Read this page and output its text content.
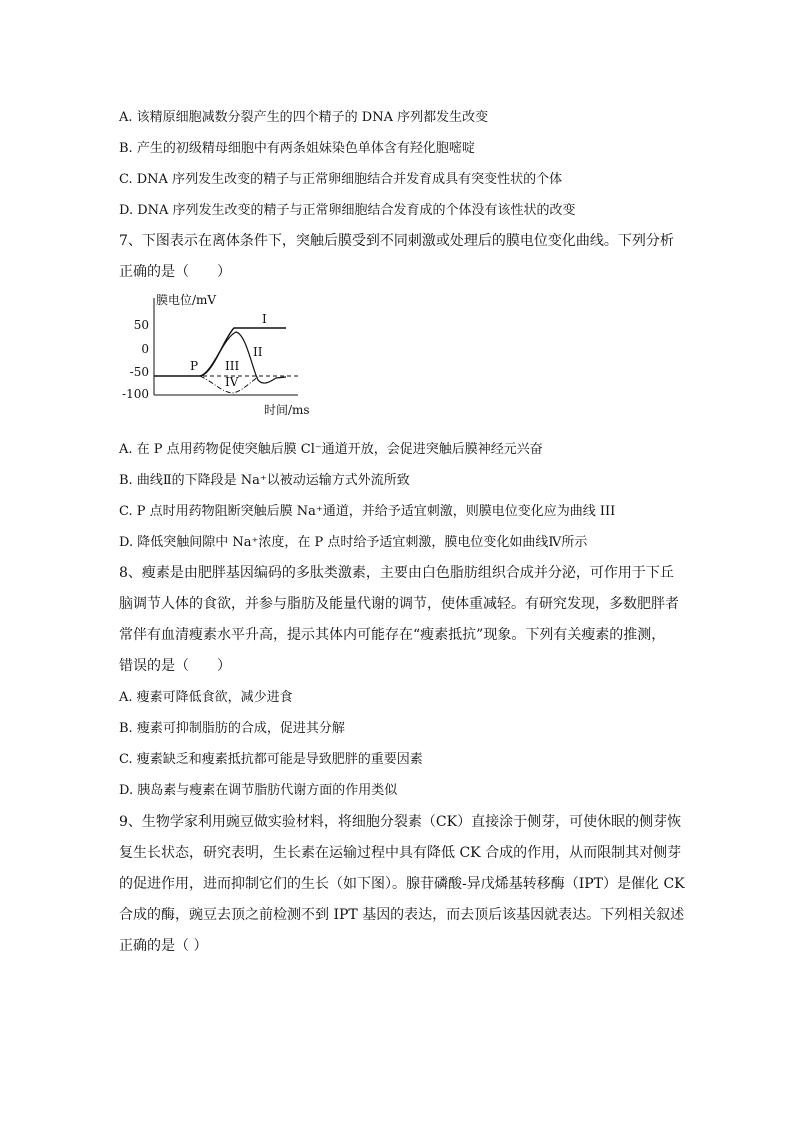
A. 该精原细胞减数分裂产生的四个精子的 DNA 序列都发生改变
B. 产生的初级精母细胞中有两条姐妹染色单体含有羟化胞嘧啶
C. DNA 序列发生改变的精子与正常卵细胞结合并发育成具有突变性状的个体
D. DNA 序列发生改变的精子与正常卵细胞结合发育成的个体没有该性状的改变
7、下图表示在离体条件下，突触后膜受到不同刺激或处理后的膜电位变化曲线。下列分析
正确的是（　　）
膜电位/mV
50
0
-50
-100
I
II
III
IV
P
时间/ms
A. 在 P 点用药物促使突触后膜 Cl⁻通道开放，会促进突触后膜神经元兴奋
B. 曲线Ⅱ的下降段是 Na⁺以被动运输方式外流所致
C. P 点时用药物阻断突触后膜 Na⁺通道，并给予适宜刺激，则膜电位变化应为曲线 III
D. 降低突触间隙中 Na⁺浓度，在 P 点时给予适宜刺激，膜电位变化如曲线Ⅳ所示
8、瘦素是由肥胖基因编码的多肽类激素，主要由白色脂肪组织合成并分泌，可作用于下丘
脑调节人体的食欲，并参与脂肪及能量代谢的调节，使体重减轻。有研究发现，多数肥胖者
常伴有血清瘦素水平升高，提示其体内可能存在“瘦素抵抗”现象。下列有关瘦素的推测，
错误的是（　　）
A. 瘦素可降低食欲，减少进食
B. 瘦素可抑制脂肪的合成，促进其分解
C. 瘦素缺乏和瘦素抵抗都可能是导致肥胖的重要因素
D. 胰岛素与瘦素在调节脂肪代谢方面的作用类似
9、生物学家利用豌豆做实验材料，将细胞分裂素（CK）直接涂于侧芽，可使休眠的侧芽恢
复生长状态，研究表明，生长素在运输过程中具有降低 CK 合成的作用，从而限制其对侧芽
的促进作用，进而抑制它们的生长（如下图）。腺苷磷酸-异戊烯基转移酶（IPT）是催化 CK
合成的酶，豌豆去顶之前检测不到 IPT 基因的表达，而去顶后该基因就表达。下列相关叙述
正确的是（ ）
